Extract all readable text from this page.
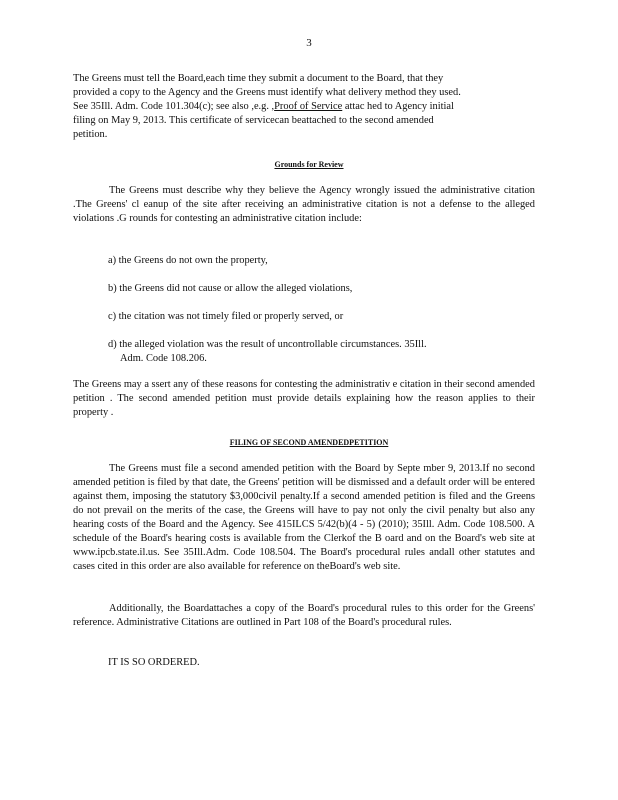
3
The Greens must tell the Board,each time they submit a document to the Board, that they
provided a copy to the Agency and the Greens must identify what delivery method they used.
See 35Ill. Adm. Code 101.304(c); see also ,e.g. ,Proof of Service attac hed to Agency initial
filing on May 9, 2013. This certificate of servicecan beattached to the second amended
petition.
Grounds for Review
The Greens must describe why they believe the Agency wrongly issued the administrative citation .The Greens' cl eanup of the site after receiving an administrative citation is not a defense to the alleged violations .G rounds for contesting an administrative citation include:
a) the Greens do not own the property,
b) the Greens did not cause or allow the alleged violations,
c) the citation was not timely filed or properly served, or
d) the alleged violation was the result of uncontrollable circumstances. 35Ill.
Adm. Code 108.206.
The Greens may a ssert any of these reasons for contesting the administrativ e citation in their second amended petition . The second amended petition must provide details explaining how the reason applies to their property .
FILING OF SECOND AMENDEDPETITION
The Greens must file a second amended petition with the Board by Septe mber 9, 2013.If no second amended petition is filed by that date, the Greens' petition will be dismissed and a default order will be entered against them, imposing the statutory $3,000civil penalty.If a second amended petition is filed and the Greens do not prevail on the merits of the case, the Greens will have to pay not only the civil penalty but also any hearing costs of the Board and the Agency. See 415ILCS 5/42(b)(4 - 5) (2010); 35Ill. Adm. Code 108.500. A schedule of the Board's hearing costs is available from the Clerkof the B oard and on the Board's web site at www.ipcb.state.il.us. See 35Ill.Adm. Code 108.504. The Board's procedural rules andall other statutes and cases cited in this order are also available for reference on theBoard's web site.
Additionally, the Boardattaches a copy of the Board's procedural rules to this order for the Greens' reference. Administrative Citations are outlined in Part 108 of the Board's procedural rules.
IT IS SO ORDERED.
